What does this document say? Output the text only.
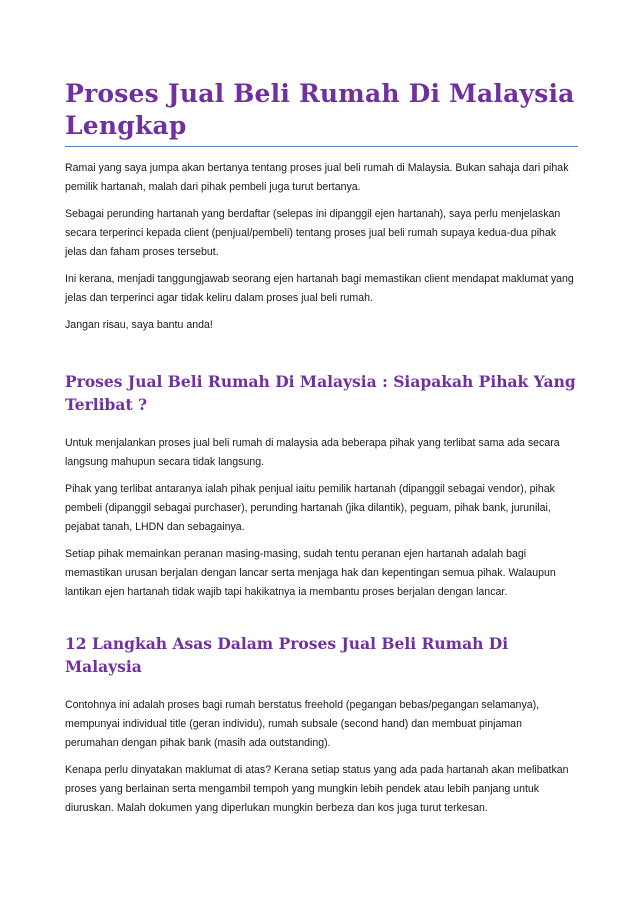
Proses Jual Beli Rumah Di Malaysia Lengkap

Ramai yang saya jumpa akan bertanya tentang proses jual beli rumah di Malaysia. Bukan sahaja dari pihak pemilik hartanah, malah dari pihak pembeli juga turut bertanya.

Sebagai perunding hartanah yang berdaftar (selepas ini dipanggil ejen hartanah), saya perlu menjelaskan secara terperinci kepada client (penjual/pembeli) tentang proses jual beli rumah supaya kedua-dua pihak jelas dan faham proses tersebut.

Ini kerana, menjadi tanggungjawab seorang ejen hartanah bagi memastikan client mendapat maklumat yang jelas dan terperinci agar tidak keliru dalam proses jual beli rumah.

Jangan risau, saya bantu anda!

Proses Jual Beli Rumah Di Malaysia : Siapakah Pihak Yang Terlibat ?

Untuk menjalankan proses jual beli rumah di malaysia ada beberapa pihak yang terlibat sama ada secara langsung mahupun secara tidak langsung.

Pihak yang terlibat antaranya ialah pihak penjual iaitu pemilik hartanah (dipanggil sebagai vendor), pihak pembeli (dipanggil sebagai purchaser), perunding hartanah (jika dilantik), peguam, pihak bank, jurunilai, pejabat tanah, LHDN dan sebagainya.

Setiap pihak memainkan peranan masing-masing, sudah tentu peranan ejen hartanah adalah bagi memastikan urusan berjalan dengan lancar serta menjaga hak dan kepentingan semua pihak. Walaupun lantikan ejen hartanah tidak wajib tapi hakikatnya ia membantu proses berjalan dengan lancar.

12 Langkah Asas Dalam Proses Jual Beli Rumah Di Malaysia

Contohnya ini adalah proses bagi rumah berstatus freehold (pegangan bebas/pegangan selamanya), mempunyai individual title (geran individu), rumah subsale (second hand) dan membuat pinjaman perumahan dengan pihak bank (masih ada outstanding).

Kenapa perlu dinyatakan maklumat di atas? Kerana setiap status yang ada pada hartanah akan melibatkan proses yang berlainan serta mengambil tempoh yang mungkin lebih pendek atau lebih panjang untuk diuruskan. Malah dokumen yang diperlukan mungkin berbeza dan kos juga turut terkesan.
